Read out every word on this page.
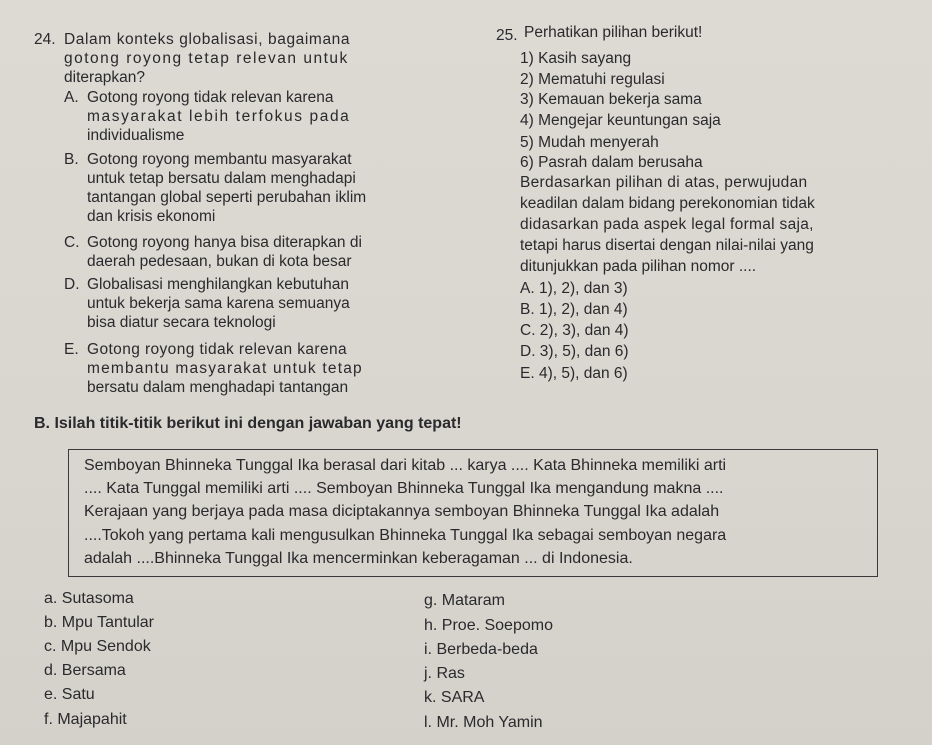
24. Dalam konteks globalisasi, bagaimana
gotong royong tetap relevan untuk
diterapkan?
A. Gotong royong tidak relevan karena
masyarakat lebih terfokus pada
individualisme
B. Gotong royong membantu masyarakat
untuk tetap bersatu dalam menghadapi
tantangan global seperti perubahan iklim
dan krisis ekonomi
C. Gotong royong hanya bisa diterapkan di
daerah pedesaan, bukan di kota besar
D. Globalisasi menghilangkan kebutuhan
untuk bekerja sama karena semuanya
bisa diatur secara teknologi
E. Gotong royong tidak relevan karena
membantu masyarakat untuk tetap
bersatu dalam menghadapi tantangan
25. Perhatikan pilihan berikut!
1) Kasih sayang
2) Mematuhi regulasi
3) Kemauan bekerja sama
4) Mengejar keuntungan saja
5) Mudah menyerah
6) Pasrah dalam berusaha
Berdasarkan pilihan di atas, perwujudan
keadilan dalam bidang perekonomian tidak
didasarkan pada aspek legal formal saja,
tetapi harus disertai dengan nilai-nilai yang
ditunjukkan pada pilihan nomor ....
A. 1), 2), dan 3)
B. 1), 2), dan 4)
C. 2), 3), dan 4)
D. 3), 5), dan 6)
E. 4), 5), dan 6)
B. Isilah titik-titik berikut ini dengan jawaban yang tepat!
Semboyan Bhinneka Tunggal Ika berasal dari kitab ... karya .... Kata Bhinneka memiliki arti
.... Kata Tunggal memiliki arti .... Semboyan Bhinneka Tunggal Ika mengandung makna ....
Kerajaan yang berjaya pada masa diciptakannya semboyan Bhinneka Tunggal Ika adalah
....Tokoh yang pertama kali mengusulkan Bhinneka Tunggal Ika sebagai semboyan negara
adalah ....Bhinneka Tunggal Ika mencerminkan keberagaman ... di Indonesia.
a. Sutasoma
b. Mpu Tantular
c. Mpu Sendok
d. Bersama
e. Satu
f. Majapahit
g. Mataram
h. Proe. Soepomo
i. Berbeda-beda
j. Ras
k. SARA
l. Mr. Moh Yamin
